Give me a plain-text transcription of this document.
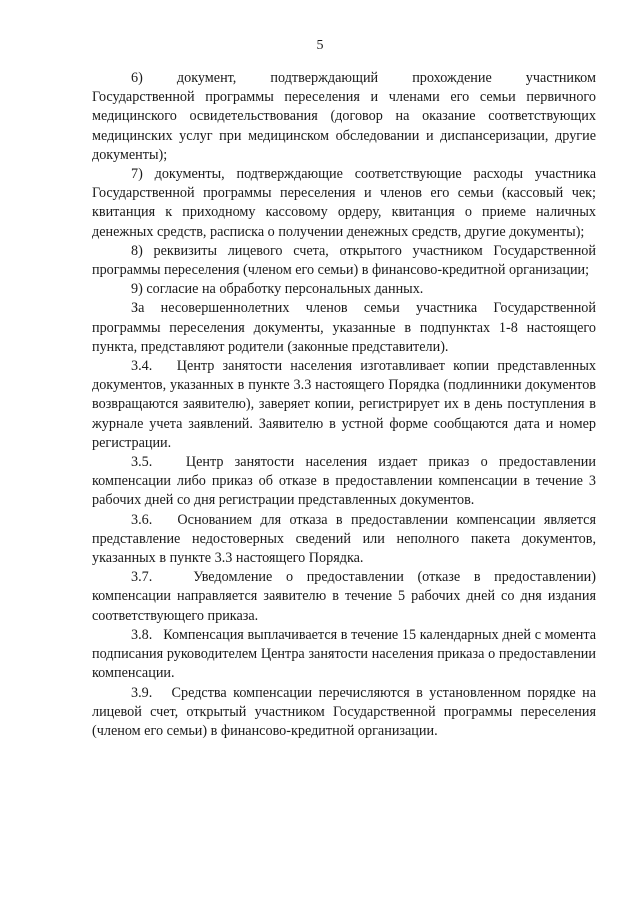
5

6)    документ,    подтверждающий    прохождение    участником Государственной программы переселения и членами его семьи первичного медицинского освидетельствования (договор на оказание соответствующих медицинских услуг при медицинском обследовании и диспансеризации, другие документы);

7) документы, подтверждающие соответствующие расходы участника Государственной программы переселения и членов его семьи (кассовый чек; квитанция к приходному кассовому ордеру, квитанция о приеме наличных денежных средств, расписка о получении денежных средств, другие документы);

8) реквизиты лицевого счета, открытого участником Государственной программы переселения (членом его семьи) в финансово-кредитной организации;

9) согласие на обработку персональных данных.

За несовершеннолетних членов семьи участника Государственной программы переселения документы, указанные в подпунктах 1-8 настоящего пункта, представляют родители (законные представители).

3.4.   Центр занятости населения изготавливает копии представленных документов, указанных в пункте 3.3 настоящего Порядка (подлинники документов возвращаются заявителю), заверяет копии, регистрирует их в день поступления в журнале учета заявлений. Заявителю в устной форме сообщаются дата и номер регистрации.

3.5.   Центр занятости населения издает приказ о предоставлении компенсации либо приказ об отказе в предоставлении компенсации в течение 3 рабочих дней со дня регистрации представленных документов.

3.6.   Основанием для отказа в предоставлении компенсации является представление недостоверных сведений или неполного пакета документов, указанных в пункте 3.3 настоящего Порядка.

3.7.   Уведомление о предоставлении (отказе в предоставлении) компенсации направляется заявителю в течение 5 рабочих дней со дня издания соответствующего приказа.

3.8.   Компенсация выплачивается в течение 15 календарных дней с момента подписания руководителем Центра занятости населения приказа о предоставлении компенсации.

3.9.   Средства компенсации перечисляются в установленном порядке на лицевой счет, открытый участником Государственной программы переселения (членом его семьи) в финансово-кредитной организации.
